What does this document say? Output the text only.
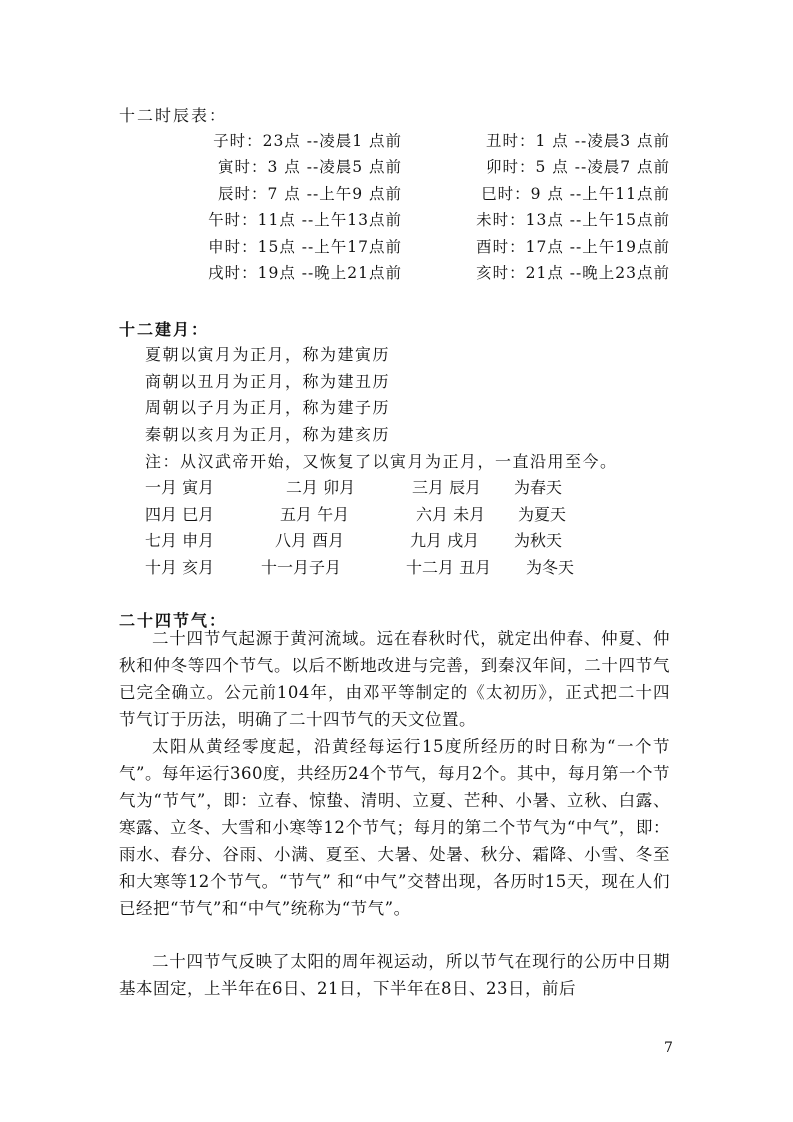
十二时辰表：
子时：23点 --凌晨1 点前	丑时：1 点 --凌晨3 点前
寅时：3 点 --凌晨5 点前	卯时：5 点 --凌晨7 点前
辰时：7 点 --上午9 点前	巳时：9 点 --上午11点前
午时：11点 --上午13点前	未时：13点 --上午15点前
申时：15点 --上午17点前	酉时：17点 --上午19点前
戌时：19点 --晚上21点前	亥时：21点 --晚上23点前
十二建月：
夏朝以寅月为正月，称为建寅历
商朝以丑月为正月，称为建丑历
周朝以子月为正月，称为建子历
秦朝以亥月为正月，称为建亥历
注：从汉武帝开始，又恢复了以寅月为正月，一直沿用至今。
一月 寅月	二月 卯月	三月 辰月 为春天
四月 巳月	五月 午月	六月 未月 为夏天
七月 申月	八月 酉月	九月 戌月 为秋天
十月 亥月	十一月子月	十二月 丑月 为冬天
二十四节气：

二十四节气起源于黄河流域。远在春秋时代，就定出仲春、仲夏、仲秋和仲冬等四个节气。以后不断地改进与完善，到秦汉年间，二十四节气已完全确立。公元前104年，由邓平等制定的《太初历》，正式把二十四节气订于历法，明确了二十四节气的天文位置。

太阳从黄经零度起，沿黄经每运行15度所经历的时日称为“一个节气”。每年运行360度，共经历24个节气，每月2个。其中，每月第一个节气为“节气”，即：立春、惊蛰、清明、立夏、芒种、小暑、立秋、白露、寒露、立冬、大雪和小寒等12个节气；每月的第二个节气为“中气”，即：雨水、春分、谷雨、小满、夏至、大暑、处暑、秋分、霜降、小雪、冬至和大寒等12个节气。“节气” 和“中气”交替出现，各历时15天，现在人们已经把“节气”和“中气”统称为“节气”。

二十四节气反映了太阳的周年视运动，所以节气在现行的公历中日期基本固定，上半年在6日、21日，下半年在8日、23日，前后

7
